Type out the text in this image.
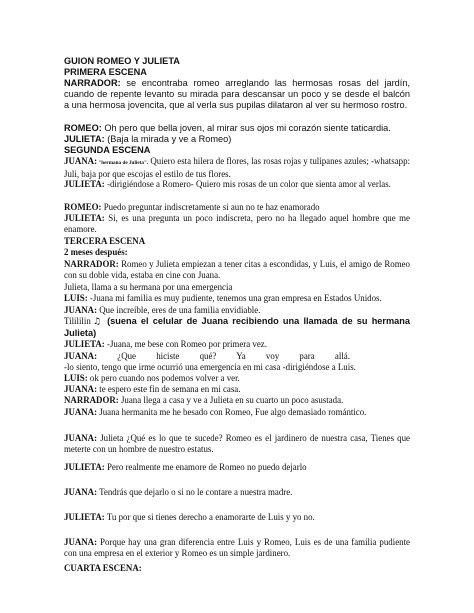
GUION ROMEO Y JULIETA
PRIMERA ESCENA
NARRADOR: se encontraba romeo arreglando las hermosas rosas del jardín, cuando de repente levanto su mirada para descansar un poco y se desde el balcón a una hermosa jovencita, que al verla sus pupilas dilataron al ver su hermoso rostro.
ROMEO: Oh pero que bella joven, al mirar sus ojos mi corazón siente taticardia.
JULIETA: (Baja la mirada y ve a Romeo)
SEGUNDA ESCENA
JUANA: "hermana de Julieta". Quiero esta hilera de flores, las rosas rojas y tulipanes azules; -whatsapp: Juli, baja por que escojas el estilo de tus flores.
JULIETA: -dirigiéndose a Romero- Quiero mis rosas de un color que sienta amor al verlas.
ROMEO: Puedo preguntar indiscretamente si aun no te haz enamorado
JULIETA: Si, es una pregunta un poco indiscreta, pero no ha llegado aquel hombre que me enamore.
TERCERA ESCENA
2 meses después:
NARRADOR: Romeo y Julieta empiezan a tener citas a escondidas, y Luis, el amigo de Romeo con su doble vida, estaba en cine con Juana.
Julieta, llama a su hermana por una emergencia
LUIS: -Juana mi familia es muy pudiente, tenemos una gran empresa en Estados Unidos.
JUANA: Que increíble, eres de una familia envidiable.
Tilililin ♫ (suena el celular de Juana recibiendo una llamada de su hermana Julieta)
JULIETA: -Juana, me bese con Romeo por primera vez.
JUANA: ¿Que hiciste qué? Ya voy para allá.
-lo siento, tengo que irme ocurrió una emergencia en mi casa -dirigiéndose a Luis.
LUIS: ok pero cuando nos podemos volver a ver.
JUANA: te espero este fin de semana en mi casa.
NARRADOR: Juana llega a casa y ve a Julieta en su cuarto un poco asustada.
JUANA: Juana hermanita me he besado con Romeo, Fue algo demasiado romántico.
JUANA: Julieta ¿Qué es lo que te sucede? Romeo es el jardinero de nuestra casa, Tienes que meterte con un hombre de nuestro estatus.
JULIETA: Pero realmente me enamore de Romeo no puedo dejarlo
JUANA: Tendrás que dejarlo o si no le contare a nuestra madre.
JULIETA: Tu por que si tienes derecho a enamorarte de Luis y yo no.
JUANA: Porque hay una gran diferencia entre Luis y Romeo, Luis es de una familia pudiente con una empresa en el exterior y Romeo es un simple jardinero.
CUARTA ESCENA:
